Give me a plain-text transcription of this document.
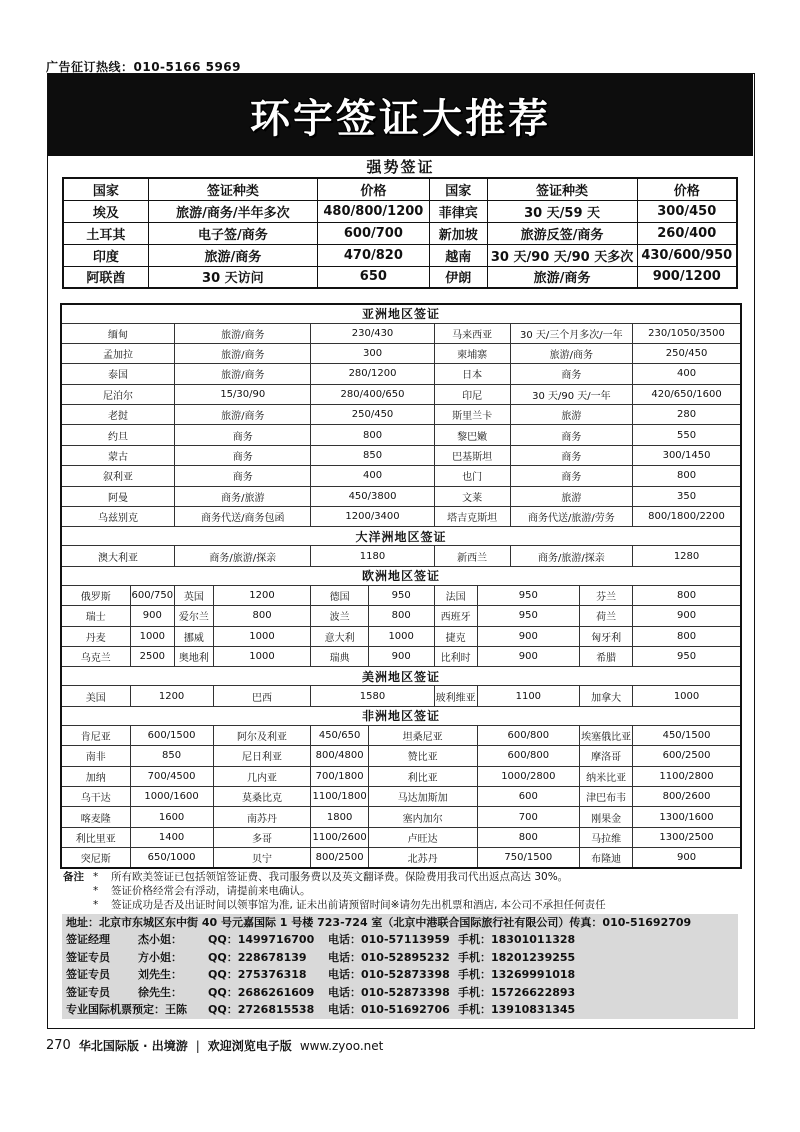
广告征订热线：010-5166 5969
环宇签证大推荐
强势签证
国家	签证种类	价格	国家	签证种类	价格
埃及	旅游/商务/半年多次	480/800/1200	菲律宾	30 天/59 天	300/450
土耳其	电子签/商务	600/700	新加坡	旅游反签/商务	260/400
印度	旅游/商务	470/820	越南	30 天/90 天/90 天多次	430/600/950
阿联酋	30 天访问	650	伊朗	旅游/商务	900/1200
亚洲地区签证										
缅甸		旅游/商务		230/430		马来西亚		30 天/三个月多次/一年		230/1050/3500
孟加拉		旅游/商务		300		柬埔寨		旅游/商务		250/450
泰国		旅游/商务		280/1200		日本		商务		400
尼泊尔		15/30/90		280/400/650		印尼		30 天/90 天/一年		420/650/1600
老挝		旅游/商务		250/450		斯里兰卡		旅游		280
约旦		商务		800		黎巴嫩		商务		550
蒙古		商务		850		巴基斯坦		商务		300/1450
叙利亚		商务		400		也门		商务		800
阿曼		商务/旅游		450/3800		文莱		旅游		350
乌兹别克		商务代送/商务包函		1200/3400		塔吉克斯坦		商务代送/旅游/劳务		800/1800/2200
大洋洲地区签证										
澳大利亚		商务/旅游/探亲		1180		新西兰		商务/旅游/探亲		1280
欧洲地区签证										
俄罗斯	600/750	英国	1200	德国	950	法国	950		芬兰	800
瑞士	900	爱尔兰	800	波兰	800	西班牙	950		荷兰	900
丹麦	1000	挪威	1000	意大利	1000	捷克	900		匈牙利	800
乌克兰	2500	奥地利	1000	瑞典	900	比利时	900		希腊	950
美洲地区签证										
美国	1200		巴西	1580		玻利维亚	1100		加拿大	1000
非洲地区签证										
肯尼亚	600/1500		阿尔及利亚	450/650	坦桑尼亚		600/800		埃塞俄比亚	450/1500
南非	850		尼日利亚	800/4800	赞比亚		600/800		摩洛哥	600/2500
加纳	700/4500		几内亚	700/1800	利比亚		1000/2800		纳米比亚	1100/2800
乌干达	1000/1600		莫桑比克	1100/1800	马达加斯加		600		津巴布韦	800/2600
喀麦隆	1600		南苏丹	1800	塞内加尔		700		刚果金	1300/1600
利比里亚	1400		多哥	1100/2600	卢旺达		800		马拉维	1300/2500
突尼斯	650/1000		贝宁	800/2500	北苏丹		750/1500		布隆迪	900
备注 *	所有欧美签证已包括领馆签证费、我司服务费以及英文翻译费。保险费用我司代出返点高达 30%。
*	签证价格经常会有浮动，请提前来电确认。
*	签证成功是否及出证时间以领事馆为准, 证未出前请预留时间※请勿先出机票和酒店, 本公司不承担任何责任
地址：北京市东城区东中街 40 号元嘉国际 1 号楼 723-724 室（北京中港联合国际旅行社有限公司）传真：010-51692709
签证经理	杰小姐：	QQ：1499716700	电话：010-57113959 手机：18301011328
签证专员	方小姐：	QQ：228678139	电话：010-52895232 手机：18201239255
签证专员	刘先生：	QQ：275376318	电话：010-52873398 手机：13269991018
签证专员	徐先生：	QQ：2686261609	电话：010-52873398 手机：15726622893
专业国际机票预定：王陈	QQ：2726815538	电话：010-51692706 手机：13910831345
270 华北国际版 · 出境游 | 欢迎浏览电子版 www.zyoo.net
